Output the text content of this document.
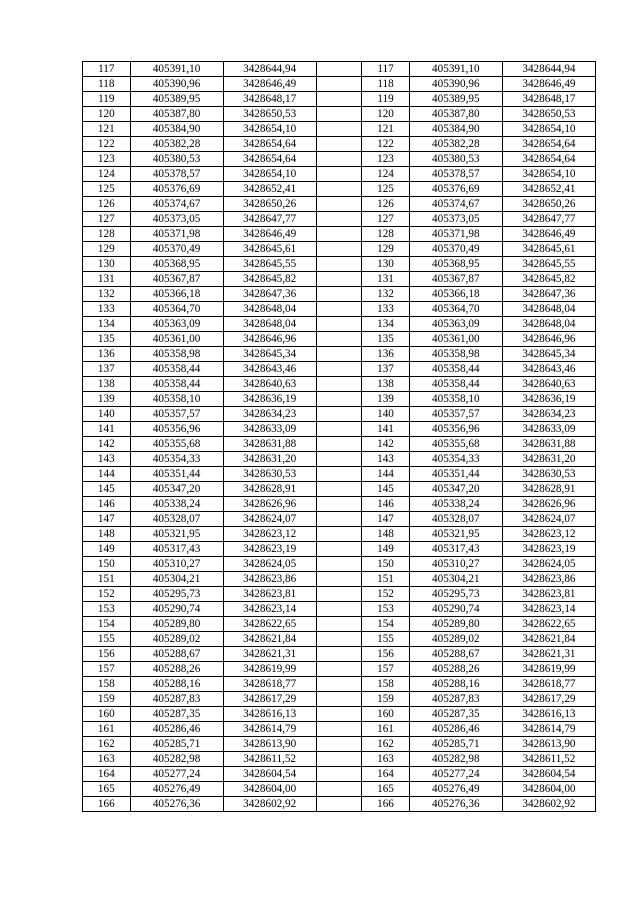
117	405391,10	3428644,94		117	405391,10	3428644,94
118	405390,96	3428646,49		118	405390,96	3428646,49
119	405389,95	3428648,17		119	405389,95	3428648,17
120	405387,80	3428650,53		120	405387,80	3428650,53
121	405384,90	3428654,10		121	405384,90	3428654,10
122	405382,28	3428654,64		122	405382,28	3428654,64
123	405380,53	3428654,64		123	405380,53	3428654,64
124	405378,57	3428654,10		124	405378,57	3428654,10
125	405376,69	3428652,41		125	405376,69	3428652,41
126	405374,67	3428650,26		126	405374,67	3428650,26
127	405373,05	3428647,77		127	405373,05	3428647,77
128	405371,98	3428646,49		128	405371,98	3428646,49
129	405370,49	3428645,61		129	405370,49	3428645,61
130	405368,95	3428645,55		130	405368,95	3428645,55
131	405367,87	3428645,82		131	405367,87	3428645,82
132	405366,18	3428647,36		132	405366,18	3428647,36
133	405364,70	3428648,04		133	405364,70	3428648,04
134	405363,09	3428648,04		134	405363,09	3428648,04
135	405361,00	3428646,96		135	405361,00	3428646,96
136	405358,98	3428645,34		136	405358,98	3428645,34
137	405358,44	3428643,46		137	405358,44	3428643,46
138	405358,44	3428640,63		138	405358,44	3428640,63
139	405358,10	3428636,19		139	405358,10	3428636,19
140	405357,57	3428634,23		140	405357,57	3428634,23
141	405356,96	3428633,09		141	405356,96	3428633,09
142	405355,68	3428631,88		142	405355,68	3428631,88
143	405354,33	3428631,20		143	405354,33	3428631,20
144	405351,44	3428630,53		144	405351,44	3428630,53
145	405347,20	3428628,91		145	405347,20	3428628,91
146	405338,24	3428626,96		146	405338,24	3428626,96
147	405328,07	3428624,07		147	405328,07	3428624,07
148	405321,95	3428623,12		148	405321,95	3428623,12
149	405317,43	3428623,19		149	405317,43	3428623,19
150	405310,27	3428624,05		150	405310,27	3428624,05
151	405304,21	3428623,86		151	405304,21	3428623,86
152	405295,73	3428623,81		152	405295,73	3428623,81
153	405290,74	3428623,14		153	405290,74	3428623,14
154	405289,80	3428622,65		154	405289,80	3428622,65
155	405289,02	3428621,84		155	405289,02	3428621,84
156	405288,67	3428621,31		156	405288,67	3428621,31
157	405288,26	3428619,99		157	405288,26	3428619,99
158	405288,16	3428618,77		158	405288,16	3428618,77
159	405287,83	3428617,29		159	405287,83	3428617,29
160	405287,35	3428616,13		160	405287,35	3428616,13
161	405286,46	3428614,79		161	405286,46	3428614,79
162	405285,71	3428613,90		162	405285,71	3428613,90
163	405282,98	3428611,52		163	405282,98	3428611,52
164	405277,24	3428604,54		164	405277,24	3428604,54
165	405276,49	3428604,00		165	405276,49	3428604,00
166	405276,36	3428602,92		166	405276,36	3428602,92
